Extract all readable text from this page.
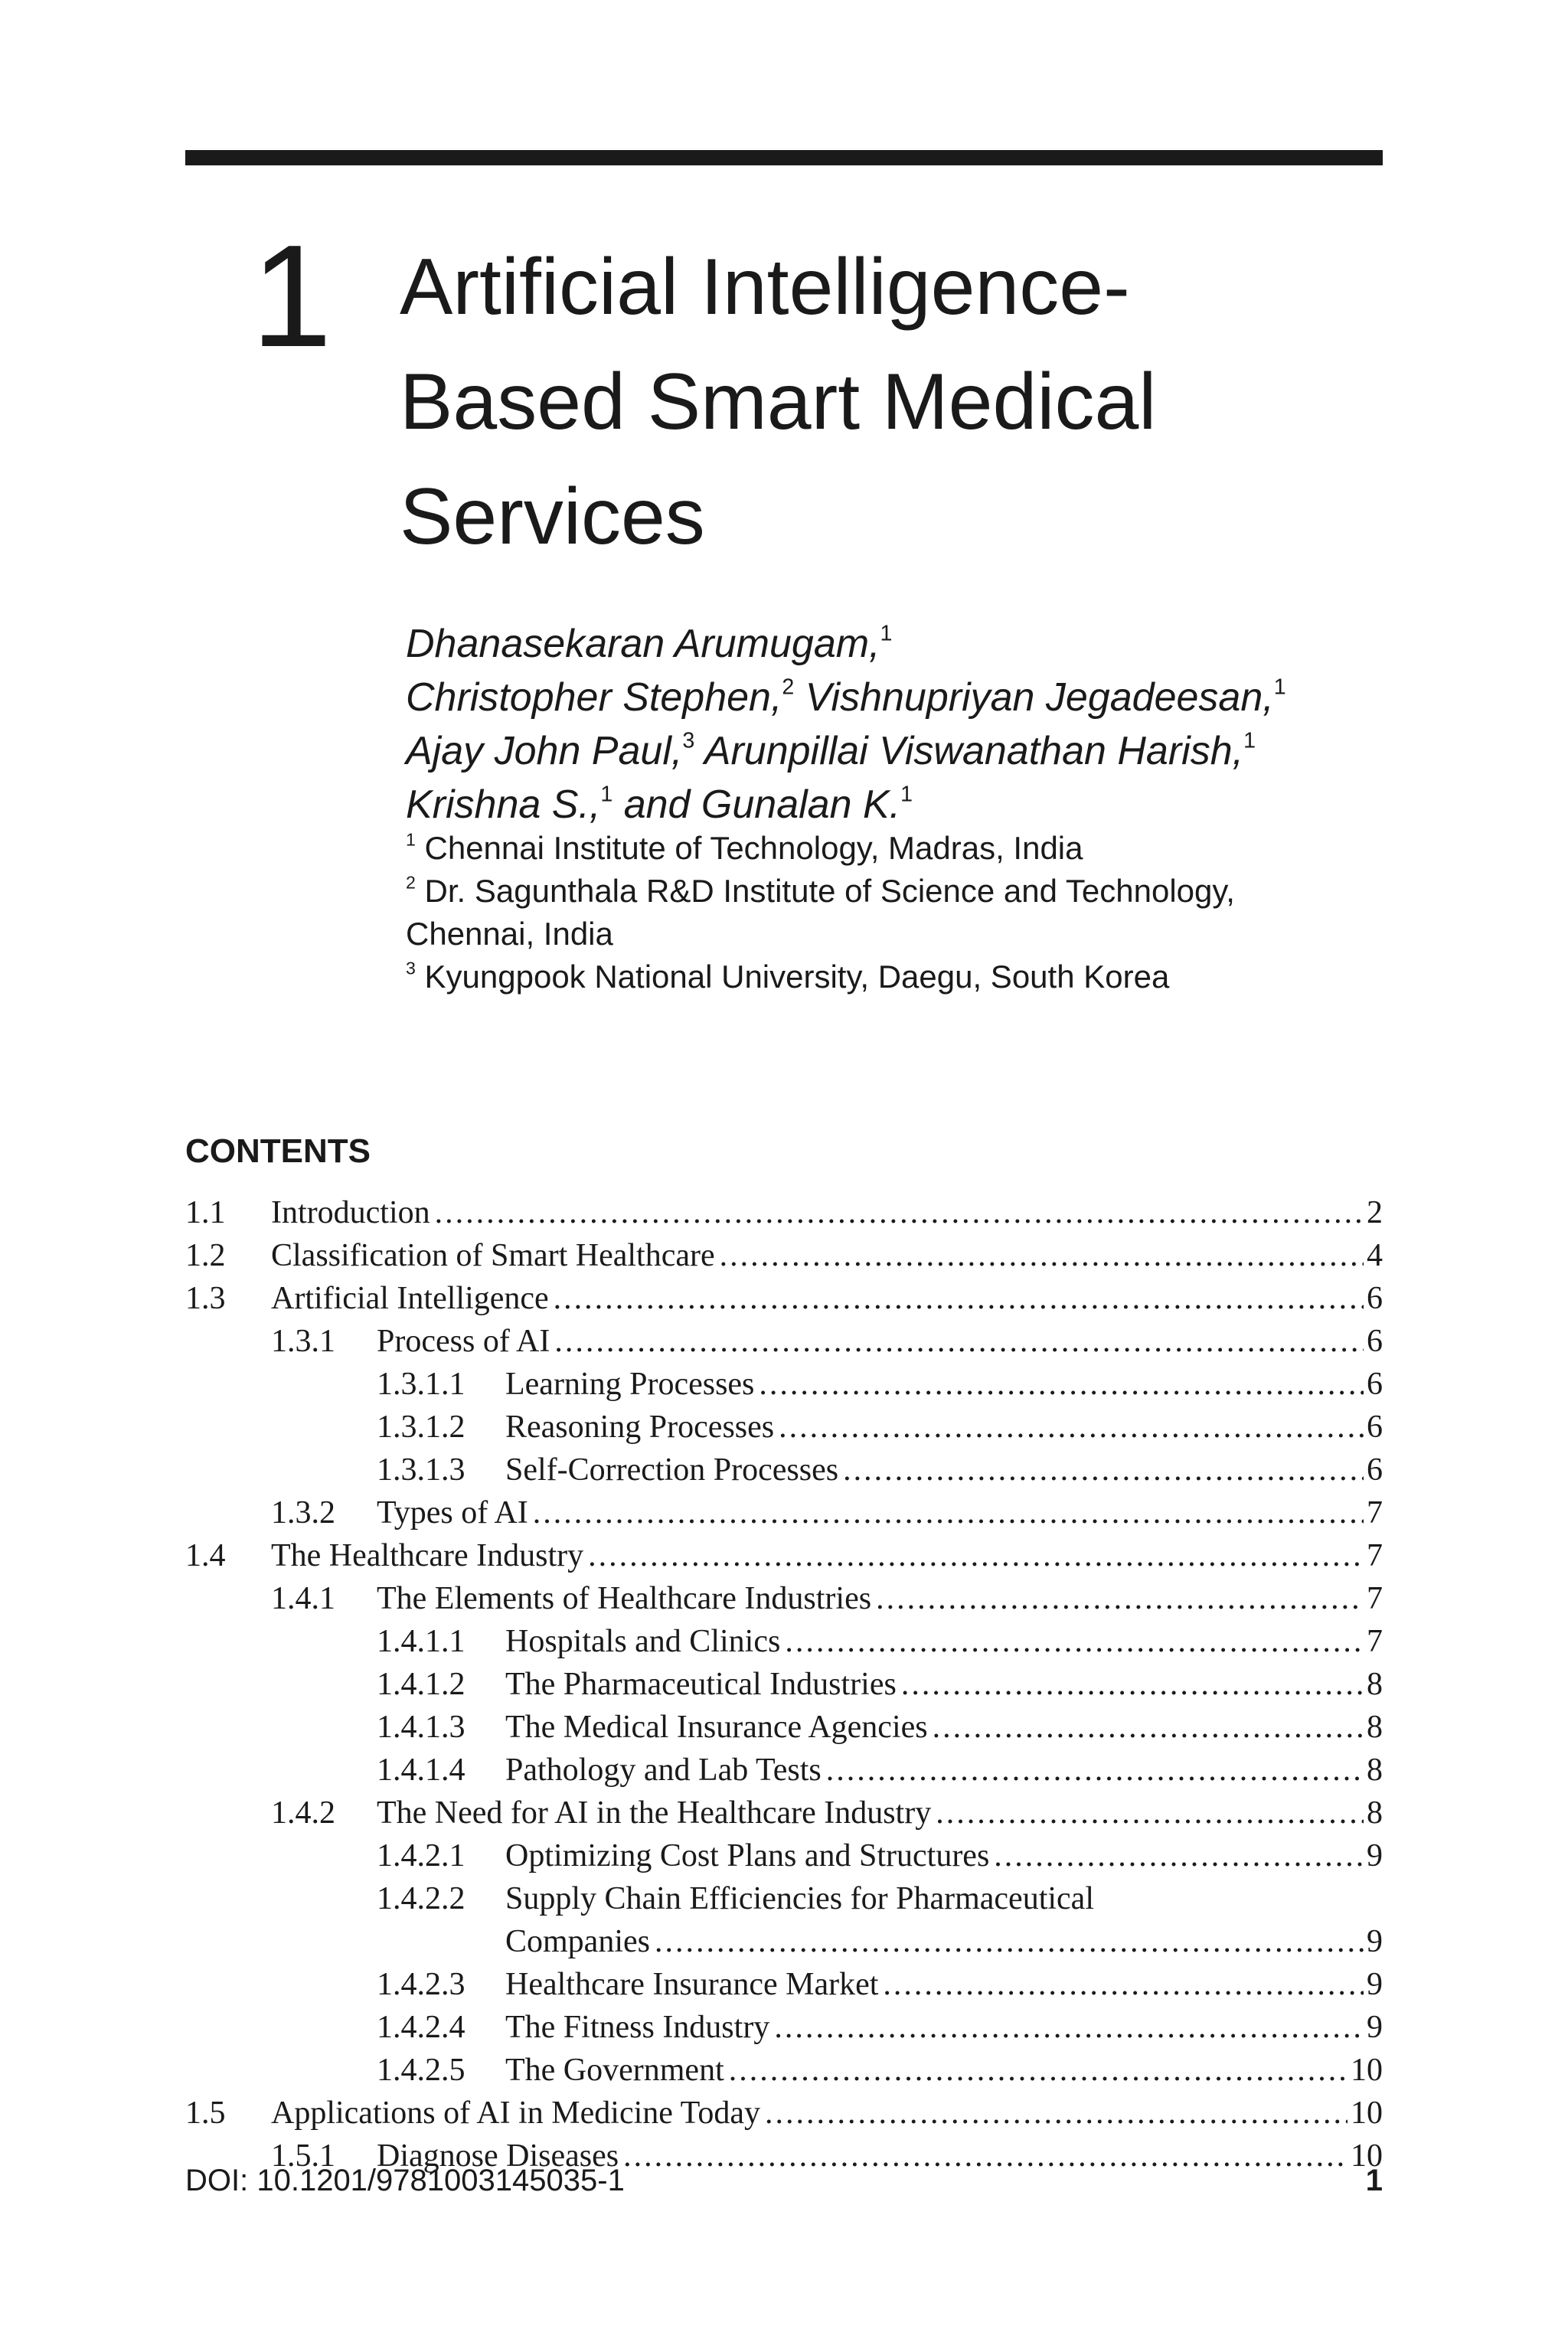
1 Artificial Intelligence-
Based Smart Medical
Services
Dhanasekaran Arumugam,$^1$
Christopher Stephen,$^2$ Vishnupriyan Jegadeesan,$^1$
Ajay John Paul,$^3$ Arunpillai Viswanathan Harish,$^1$
Krishna S.,$^1$ and Gunalan K.$^1$
$^1$ Chennai Institute of Technology, Madras, India
$^2$ Dr. Sagunthala R&D Institute of Science and Technology,
Chennai, India
$^3$ Kyungpook National University, Daegu, South Korea
CONTENTS
1.1 Introduction .....	2
1.2 Classification of Smart Healthcare .....	4
1.3 Artificial Intelligence .....	6
1.3.1 Process of AI .....	6
1.3.1.1 Learning Processes .....	6
1.3.1.2 Reasoning Processes .....	6
1.3.1.3 Self-Correction Processes .....	6
1.3.2 Types of AI .....	7
1.4 The Healthcare Industry .....	7
1.4.1 The Elements of Healthcare Industries .....	7
1.4.1.1 Hospitals and Clinics .....	7
1.4.1.2 The Pharmaceutical Industries .....	8
1.4.1.3 The Medical Insurance Agencies .....	8
1.4.1.4 Pathology and Lab Tests .....	8
1.4.2 The Need for AI in the Healthcare Industry .....	8
1.4.2.1 Optimizing Cost Plans and Structures .....	9
1.4.2.2 Supply Chain Efficiencies for Pharmaceutical
Companies .....	9
1.4.2.3 Healthcare Insurance Market .....	9
1.4.2.4 The Fitness Industry .....	9
1.4.2.5 The Government .....	10
1.5 Applications of AI in Medicine Today .....	10
1.5.1 Diagnose Diseases .....	10
DOI: 10.1201/9781003145035-1	1
